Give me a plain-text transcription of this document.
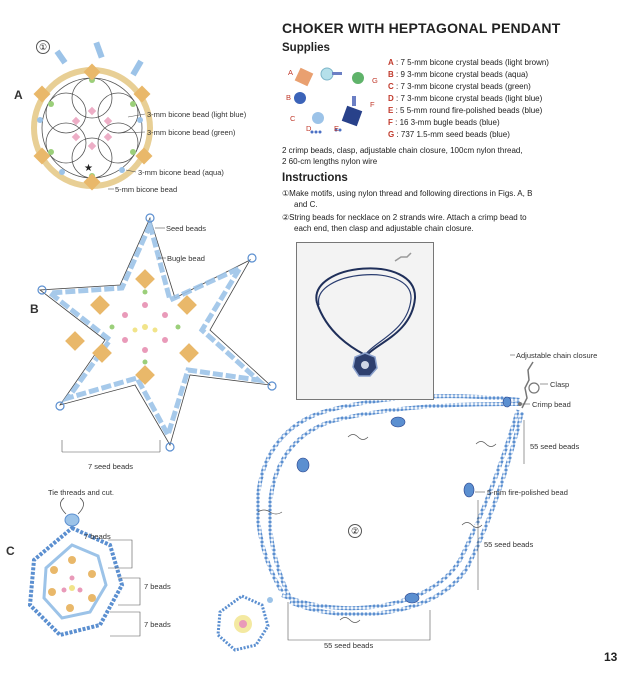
CHOKER WITH HEPTAGONAL PENDANT
Supplies
A
B
C
D	E
F
G
A : 7 5-mm bicone crystal beads (light brown)
B : 9 3-mm bicone crystal beads (aqua)
C : 7 3-mm bicone crystal beads (green)
D : 7 3-mm bicone crystal beads (light blue)
E : 5 5-mm round fire-polished beads (blue)
F : 16 3-mm bugle beads (blue)
G : 737 1.5-mm seed beads (blue)
2 crimp beads, clasp, adjustable chain closure, 100cm nylon thread,
2 60-cm lengths nylon wire
Instructions
①Make motifs, using nylon thread and following directions in Figs. A, B
and C.
②String beads for necklace on 2 strands wire. Attach a crimp bead to
each end, then clasp and adjustable chain closure.
①
A
3-mm bicone bead (light blue)
3-mm bicone bead (green)
3-mm bicone bead (aqua)
5-mm bicone bead
★
B
Seed beads
Bugle bead
7 seed beads
Tie threads and cut.
C
7 beads
7 beads
7 beads
②
Adjustable chain closure
Clasp
Crimp bead
55 seed beads
5-mm fire-polished bead
55 seed beads
55 seed beads
13
